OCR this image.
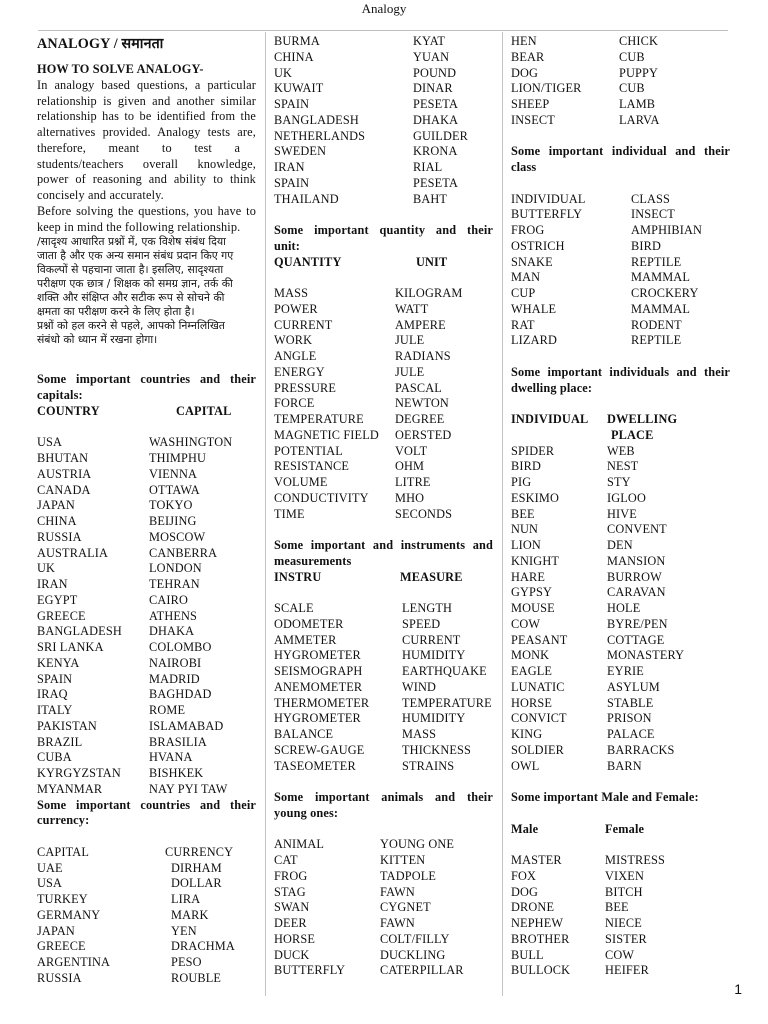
Analogy
ANALOGY / समानता
HOW TO SOLVE ANALOGY-
In analogy based questions, a particular
relationship is given and another similar
relationship has to be identified from the
alternatives provided. Analogy tests are,
therefore,       meant       to       test       a
students/teachers overall knowledge,
power of reasoning and ability to think
concisely and accurately.
Before solving the questions, you have to
keep in mind the following relationship.
/सादृश्य आधारित प्रश्नों में, एक विशेष संबंध दिया
जाता है और एक अन्य समान संबंध प्रदान किए गए
विकल्पों से पहचाना जाता है। इसलिए, सादृश्यता
परीक्षण एक छात्र / शिक्षक को समग्र ज्ञान, तर्क की
शक्ति और संक्षिप्त और सटीक रूप से सोचने की
क्षमता का परीक्षण करने के लिए होता है।
प्रश्नों को हल करने से पहले, आपको निम्नलिखित
संबंधो को ध्यान में रखना होगा।
Some important countries and their
capitals:
COUNTRY	CAPITAL
USA	WASHINGTON
BHUTAN	THIMPHU
AUSTRIA	VIENNA
CANADA	OTTAWA
JAPAN	TOKYO
CHINA	BEIJING
RUSSIA	MOSCOW
AUSTRALIA	CANBERRA
UK	LONDON
IRAN	TEHRAN
EGYPT	CAIRO
GREECE	ATHENS
BANGLADESH	DHAKA
SRI LANKA	COLOMBO
KENYA	NAIROBI
SPAIN	MADRID
IRAQ	BAGHDAD
ITALY	ROME
PAKISTAN	ISLAMABAD
BRAZIL	BRASILIA
CUBA	HVANA
KYRGYZSTAN	BISHKEK
MYANMAR	NAY PYI TAW
Some important countries and their
currency:
CAPITAL	CURRENCY
UAE	DIRHAM
USA	DOLLAR
TURKEY	LIRA
GERMANY	MARK
JAPAN	YEN
GREECE	DRACHMA
ARGENTINA	PESO
RUSSIA	ROUBLE
BURMA	KYAT
CHINA	YUAN
UK	POUND
KUWAIT	DINAR
SPAIN	PESETA
BANGLADESH	DHAKA
NETHERLANDS	GUILDER
SWEDEN	KRONA
IRAN	RIAL
SPAIN	PESETA
THAILAND	BAHT
Some important quantity and their
unit:
QUANTITY	UNIT
MASS	KILOGRAM
POWER	WATT
CURRENT	AMPERE
WORK	JULE
ANGLE	RADIANS
ENERGY	JULE
PRESSURE	PASCAL
FORCE	NEWTON
TEMPERATURE	DEGREE
MAGNETIC FIELD	OERSTED
POTENTIAL	VOLT
RESISTANCE	OHM
VOLUME	LITRE
CONDUCTIVITY	MHO
TIME	SECONDS
Some important and instruments and
measurements
INSTRU	MEASURE
SCALE	LENGTH
ODOMETER	SPEED
AMMETER	CURRENT
HYGROMETER	HUMIDITY
SEISMOGRAPH	EARTHQUAKE
ANEMOMETER	WIND
THERMOMETER	TEMPERATURE
HYGROMETER	HUMIDITY
BALANCE	MASS
SCREW-GAUGE	THICKNESS
TASEOMETER	STRAINS
Some important animals and their
young ones:
ANIMAL	YOUNG ONE
CAT	KITTEN
FROG	TADPOLE
STAG	FAWN
SWAN	CYGNET
DEER	FAWN
HORSE	COLT/FILLY
DUCK	DUCKLING
BUTTERFLY	CATERPILLAR
HEN	CHICK
BEAR	CUB
DOG	PUPPY
LION/TIGER	CUB
SHEEP	LAMB
INSECT	LARVA
Some important individual and their
class
INDIVIDUAL	CLASS
BUTTERFLY	INSECT
FROG	AMPHIBIAN
OSTRICH	BIRD
SNAKE	REPTILE
MAN	MAMMAL
CUP	CROCKERY
WHALE	MAMMAL
RAT	RODENT
LIZARD	REPTILE
Some important individuals and their
dwelling place:
INDIVIDUAL	DWELLING
PLACE
SPIDER	WEB
BIRD	NEST
PIG	STY
ESKIMO	IGLOO
BEE	HIVE
NUN	CONVENT
LION	DEN
KNIGHT	MANSION
HARE	BURROW
GYPSY	CARAVAN
MOUSE	HOLE
COW	BYRE/PEN
PEASANT	COTTAGE
MONK	MONASTERY
EAGLE	EYRIE
LUNATIC	ASYLUM
HORSE	STABLE
CONVICT	PRISON
KING	PALACE
SOLDIER	BARRACKS
OWL	BARN
Some important Male and Female:
Male	Female
MASTER	MISTRESS
FOX	VIXEN
DOG	BITCH
DRONE	BEE
NEPHEW	NIECE
BROTHER	SISTER
BULL	COW
BULLOCK	HEIFER
1
